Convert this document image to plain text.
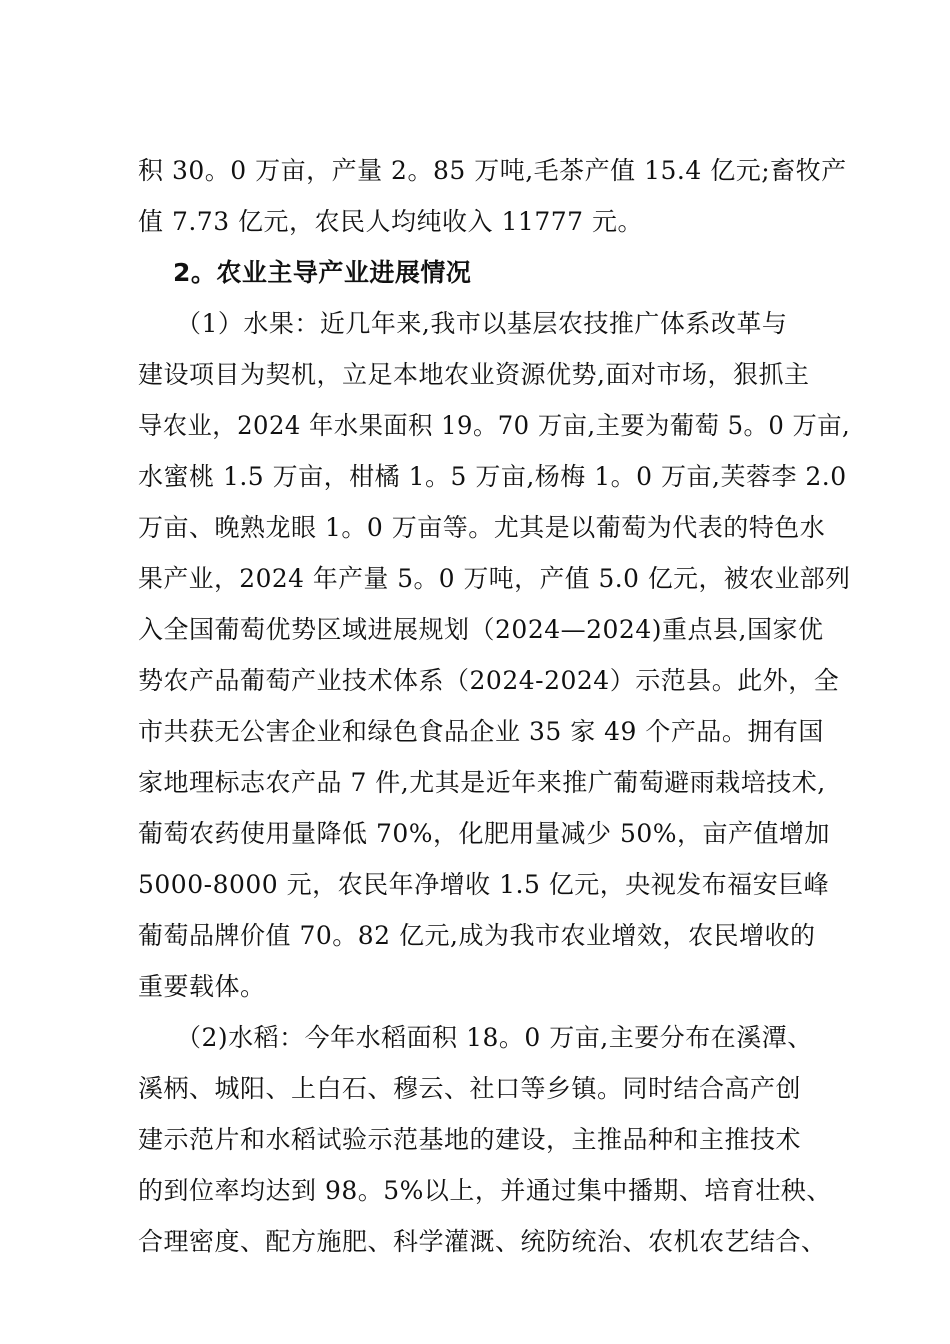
积 30。0 万亩，产量 2。85 万吨,毛茶产值 15.4 亿元;畜牧产
值 7.73 亿元，农民人均纯收入 11777 元。
2。农业主导产业进展情况
（1）水果：近几年来,我市以基层农技推广体系改革与
建设项目为契机，立足本地农业资源优势,面对市场，狠抓主
导农业，2024 年水果面积 19。70 万亩,主要为葡萄 5。0 万亩,
水蜜桃 1.5 万亩，柑橘 1。5 万亩,杨梅 1。0 万亩,芙蓉李 2.0
万亩、晚熟龙眼 1。0 万亩等。尤其是以葡萄为代表的特色水
果产业，2024 年产量 5。0 万吨，产值 5.0 亿元，被农业部列
入全国葡萄优势区域进展规划（2024—2024)重点县,国家优
势农产品葡萄产业技术体系（2024-2024）示范县。此外，全
市共获无公害企业和绿色食品企业 35 家 49 个产品。拥有国
家地理标志农产品 7 件,尤其是近年来推广葡萄避雨栽培技术,
葡萄农药使用量降低 70%，化肥用量减少 50%，亩产值增加
5000-8000 元，农民年净增收 1.5 亿元，央视发布福安巨峰
葡萄品牌价值 70。82 亿元,成为我市农业增效，农民增收的
重要载体。
（2)水稻：今年水稻面积 18。0 万亩,主要分布在溪潭、
溪柄、城阳、上白石、穆云、社口等乡镇。同时结合高产创
建示范片和水稻试验示范基地的建设，主推品种和主推技术
的到位率均达到 98。5%以上，并通过集中播期、培育壮秧、
合理密度、配方施肥、科学灌溉、统防统治、农机农艺结合、
